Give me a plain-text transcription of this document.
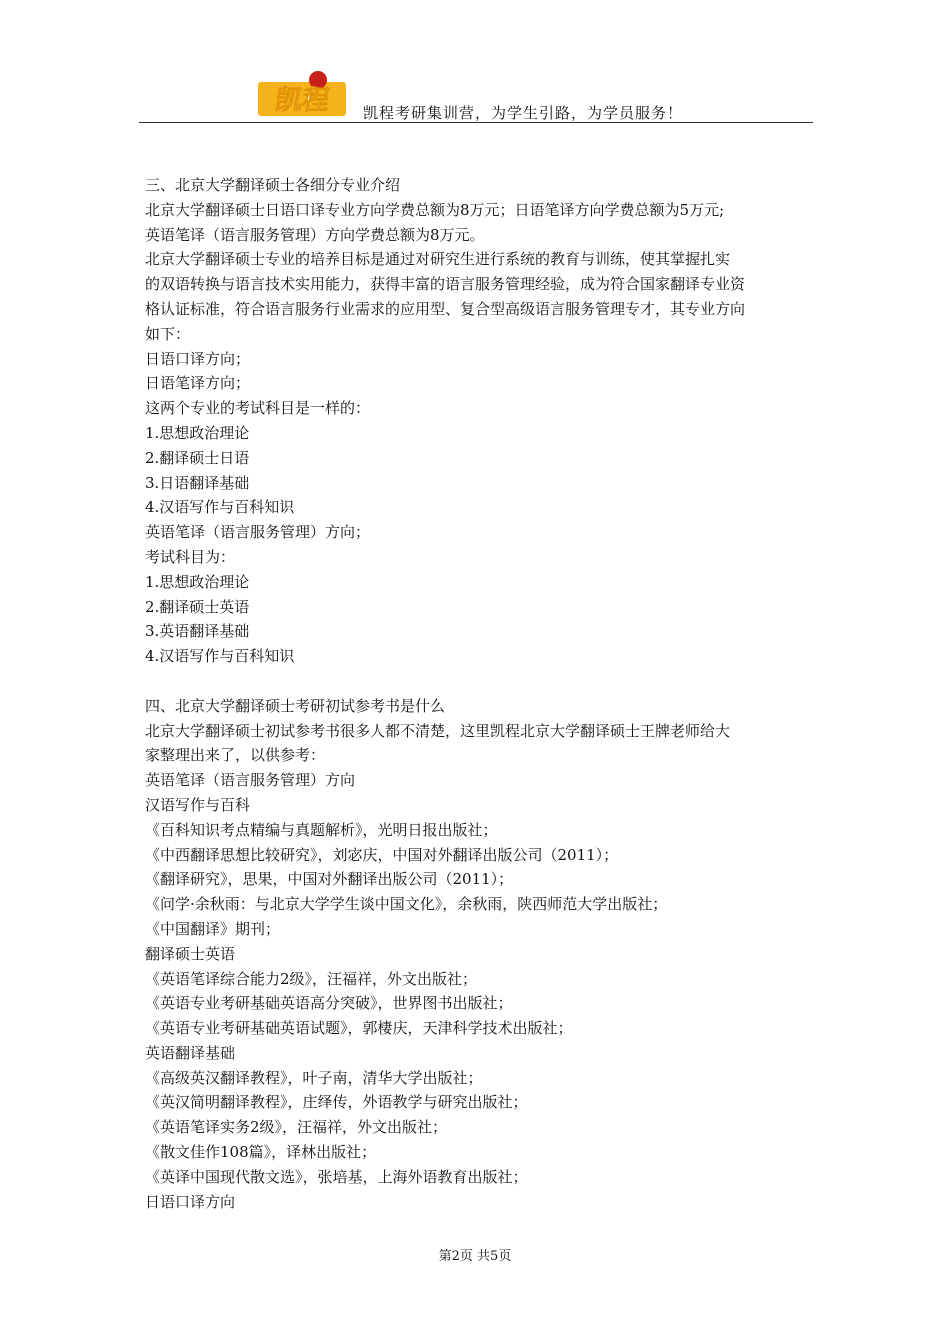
凯程 凯程考研集训营，为学生引路，为学员服务！
三、北京大学翻译硕士各细分专业介绍
北京大学翻译硕士日语口译专业方向学费总额为8万元；日语笔译方向学费总额为5万元;
英语笔译（语言服务管理）方向学费总额为8万元。
北京大学翻译硕士专业的培养目标是通过对研究生进行系统的教育与训练，使其掌握扎实
的双语转换与语言技术实用能力，获得丰富的语言服务管理经验，成为符合国家翻译专业资
格认证标准，符合语言服务行业需求的应用型、复合型高级语言服务管理专才，其专业方向
如下：
日语口译方向；
日语笔译方向；
这两个专业的考试科目是一样的：
1.思想政治理论
2.翻译硕士日语
3.日语翻译基础
4.汉语写作与百科知识
英语笔译（语言服务管理）方向；
考试科目为：
1.思想政治理论
2.翻译硕士英语
3.英语翻译基础
4.汉语写作与百科知识
四、北京大学翻译硕士考研初试参考书是什么
北京大学翻译硕士初试参考书很多人都不清楚，这里凯程北京大学翻译硕士王牌老师给大
家整理出来了，以供参考：
英语笔译（语言服务管理）方向
汉语写作与百科
《百科知识考点精编与真题解析》，光明日报出版社；
《中西翻译思想比较研究》，刘宓庆，中国对外翻译出版公司（2011）；
《翻译研究》，思果，中国对外翻译出版公司（2011）；
《问学·余秋雨：与北京大学学生谈中国文化》，余秋雨，陕西师范大学出版社；
《中国翻译》期刊；
翻译硕士英语
《英语笔译综合能力2级》，汪福祥，外文出版社；
《英语专业考研基础英语高分突破》，世界图书出版社；
《英语专业考研基础英语试题》，郭棲庆，天津科学技术出版社；
英语翻译基础
《高级英汉翻译教程》，叶子南，清华大学出版社；
《英汉简明翻译教程》，庄绎传，外语教学与研究出版社；
《英语笔译实务2级》，汪福祥，外文出版社；
《散文佳作108篇》，译林出版社；
《英译中国现代散文选》，张培基，上海外语教育出版社；
日语口译方向
第2页 共5页
